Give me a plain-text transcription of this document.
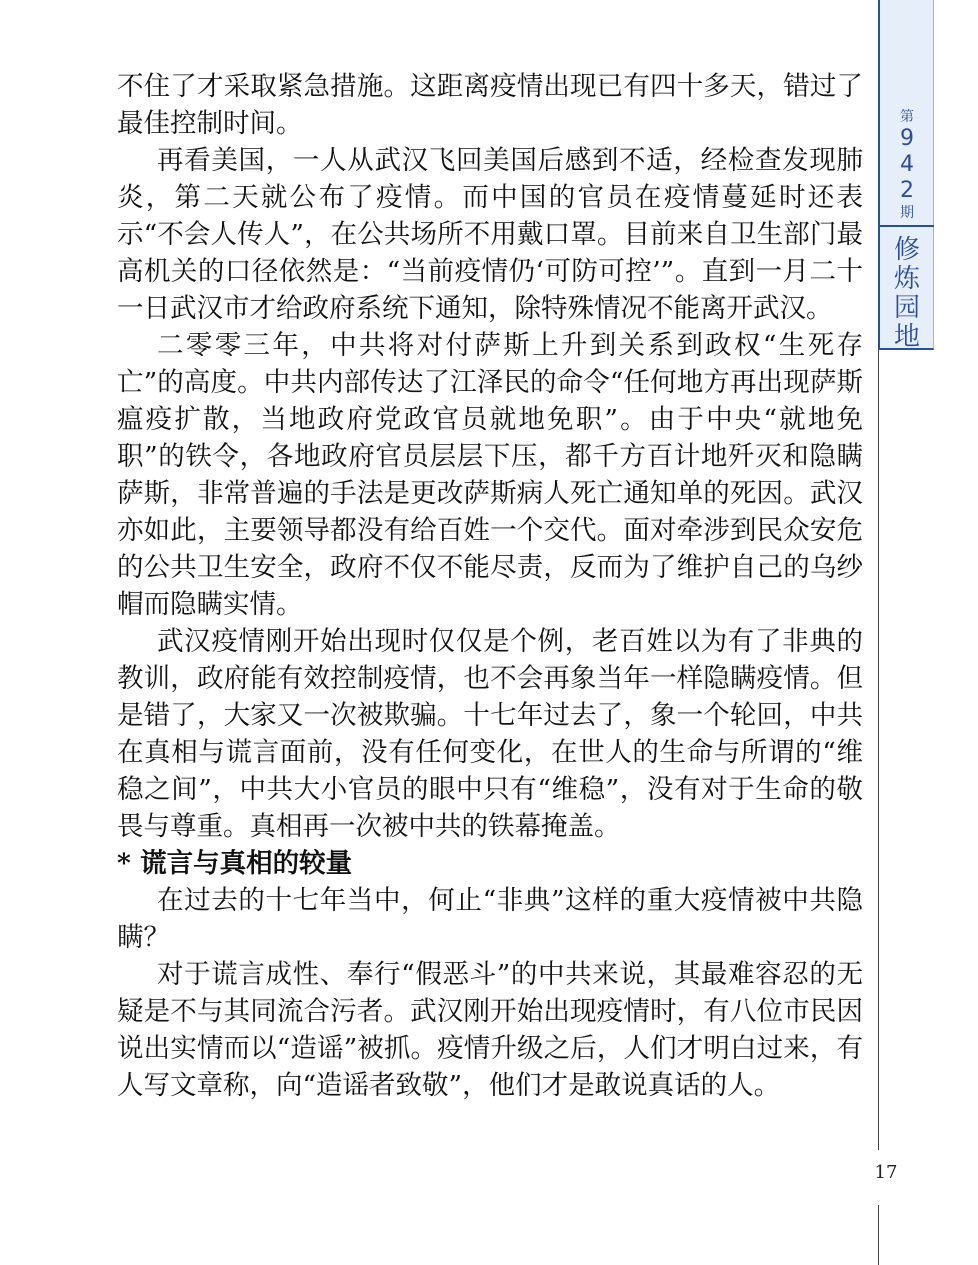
第
9
4
2
期
修
炼
园
地
17

不住了才采取紧急措施。这距离疫情出现已有四十多天，错过了最佳控制时间。

再看美国，一人从武汉飞回美国后感到不适，经检查发现肺炎，第二天就公布了疫情。而中国的官员在疫情蔓延时还表示“不会人传人”，在公共场所不用戴口罩。目前来自卫生部门最高机关的口径依然是：“当前疫情仍‘可防可控’”。直到一月二十一日武汉市才给政府系统下通知，除特殊情况不能离开武汉。

二零零三年，中共将对付萨斯上升到关系到政权“生死存亡”的高度。中共内部传达了江泽民的命令“任何地方再出现萨斯瘟疫扩散，当地政府党政官员就地免职”。由于中央“就地免职”的铁令，各地政府官员层层下压，都千方百计地歼灭和隐瞒萨斯，非常普遍的手法是更改萨斯病人死亡通知单的死因。武汉亦如此，主要领导都没有给百姓一个交代。面对牵涉到民众安危的公共卫生安全，政府不仅不能尽责，反而为了维护自己的乌纱帽而隐瞒实情。

武汉疫情刚开始出现时仅仅是个例，老百姓以为有了非典的教训，政府能有效控制疫情，也不会再象当年一样隐瞒疫情。但是错了，大家又一次被欺骗。十七年过去了，象一个轮回，中共在真相与谎言面前，没有任何变化，在世人的生命与所谓的“维稳之间”，中共大小官员的眼中只有“维稳”，没有对于生命的敬畏与尊重。真相再一次被中共的铁幕掩盖。

* 谎言与真相的较量

在过去的十七年当中，何止“非典”这样的重大疫情被中共隐瞒？

对于谎言成性、奉行“假恶斗”的中共来说，其最难容忍的无疑是不与其同流合污者。武汉刚开始出现疫情时，有八位市民因说出实情而以“造谣”被抓。疫情升级之后，人们才明白过来，有人写文章称，向“造谣者致敬”，他们才是敢说真话的人。
